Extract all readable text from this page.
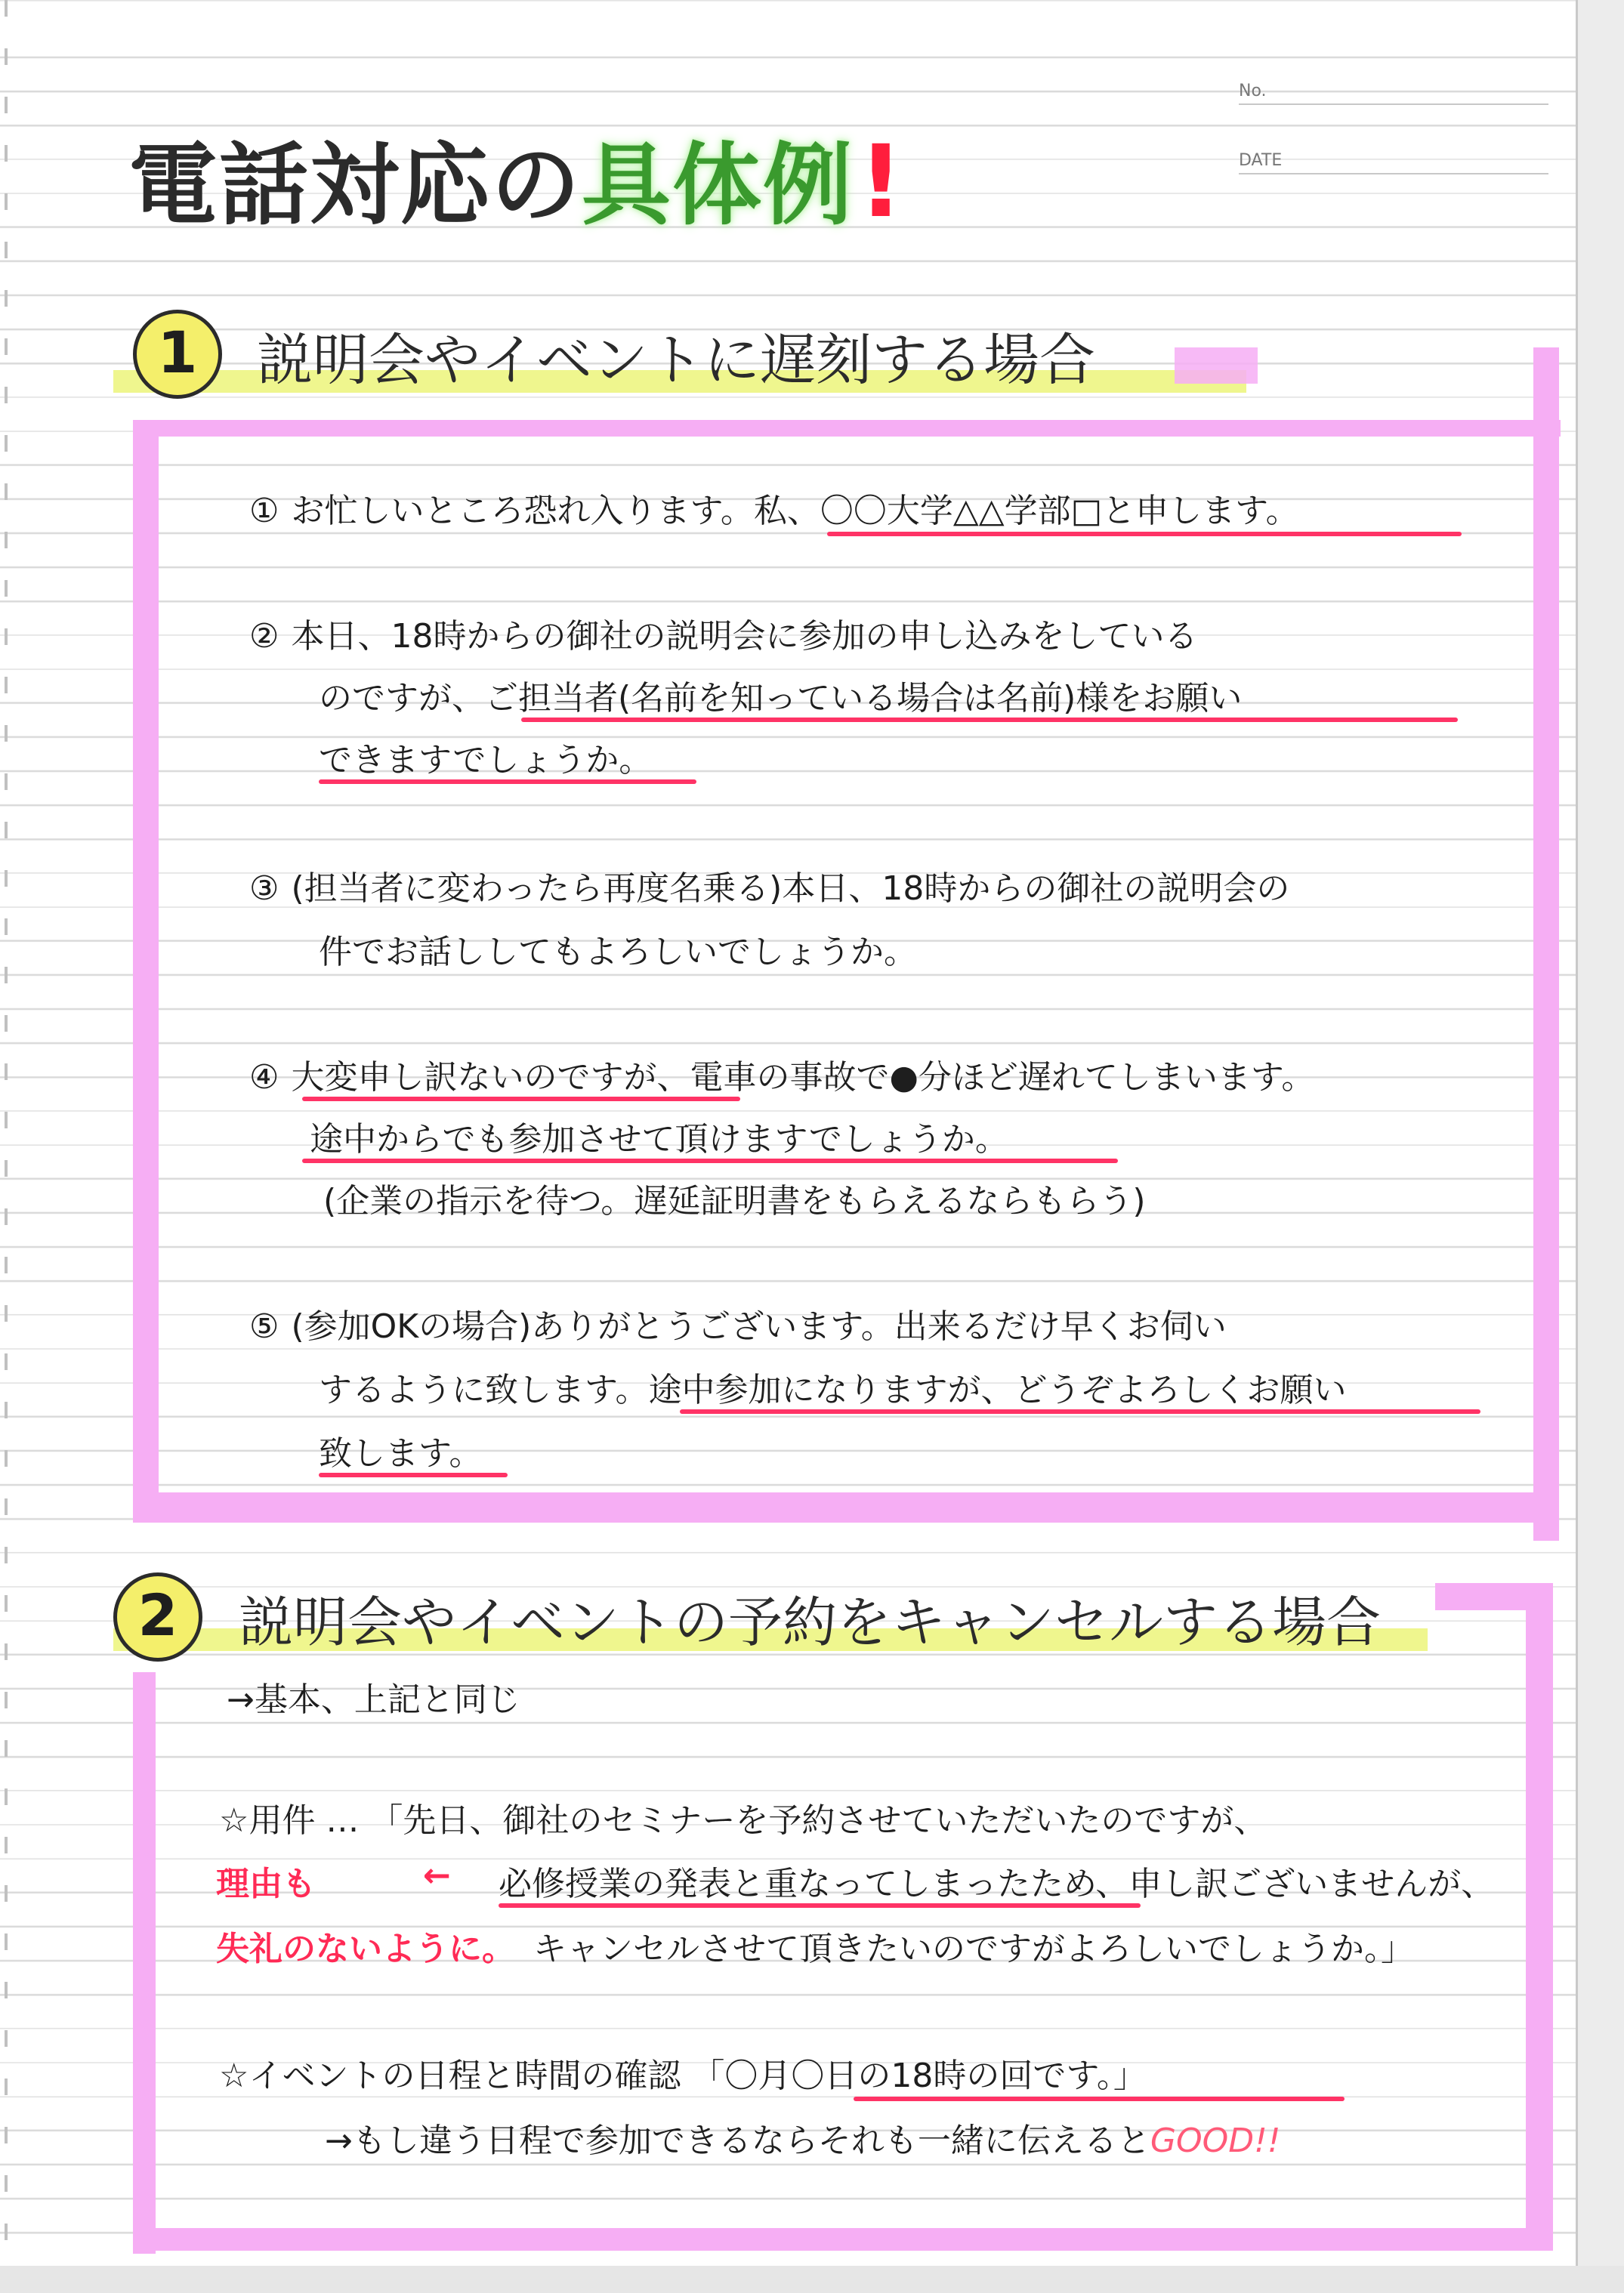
No.
DATE
電話対応の具体例!
1	説明会やイベントに遅刻する場合
① お忙しいところ恐れ入ります。私、〇〇大学△△学部□と申します。
② 本日、18時からの御社の説明会に参加の申し込みをしている
のですが、ご担当者(名前を知っている場合は名前)様をお願い
できますでしょうか。
③ (担当者に変わったら再度名乗る)本日、18時からの御社の説明会の
件でお話ししてもよろしいでしょうか。
④ 大変申し訳ないのですが、電車の事故で●分ほど遅れてしまいます。
途中からでも参加させて頂けますでしょうか。
(企業の指示を待つ。遅延証明書をもらえるならもらう)
⑤ (参加OKの場合)ありがとうございます。出来るだけ早くお伺い
するように致します。途中参加になりますが、どうぞよろしくお願い
致します。
2	説明会やイベントの予約をキャンセルする場合
→基本、上記と同じ
☆用件 … 「先日、御社のセミナーを予約させていただいたのですが、
理由も	← 必修授業の発表と重なってしまったため、申し訳ございませんが、
失礼のないように。 キャンセルさせて頂きたいのですがよろしいでしょうか。」
☆イベントの日程と時間の確認 「〇月〇日の18時の回です。」
→もし違う日程で参加できるならそれも一緒に伝えるとGOOD!!
